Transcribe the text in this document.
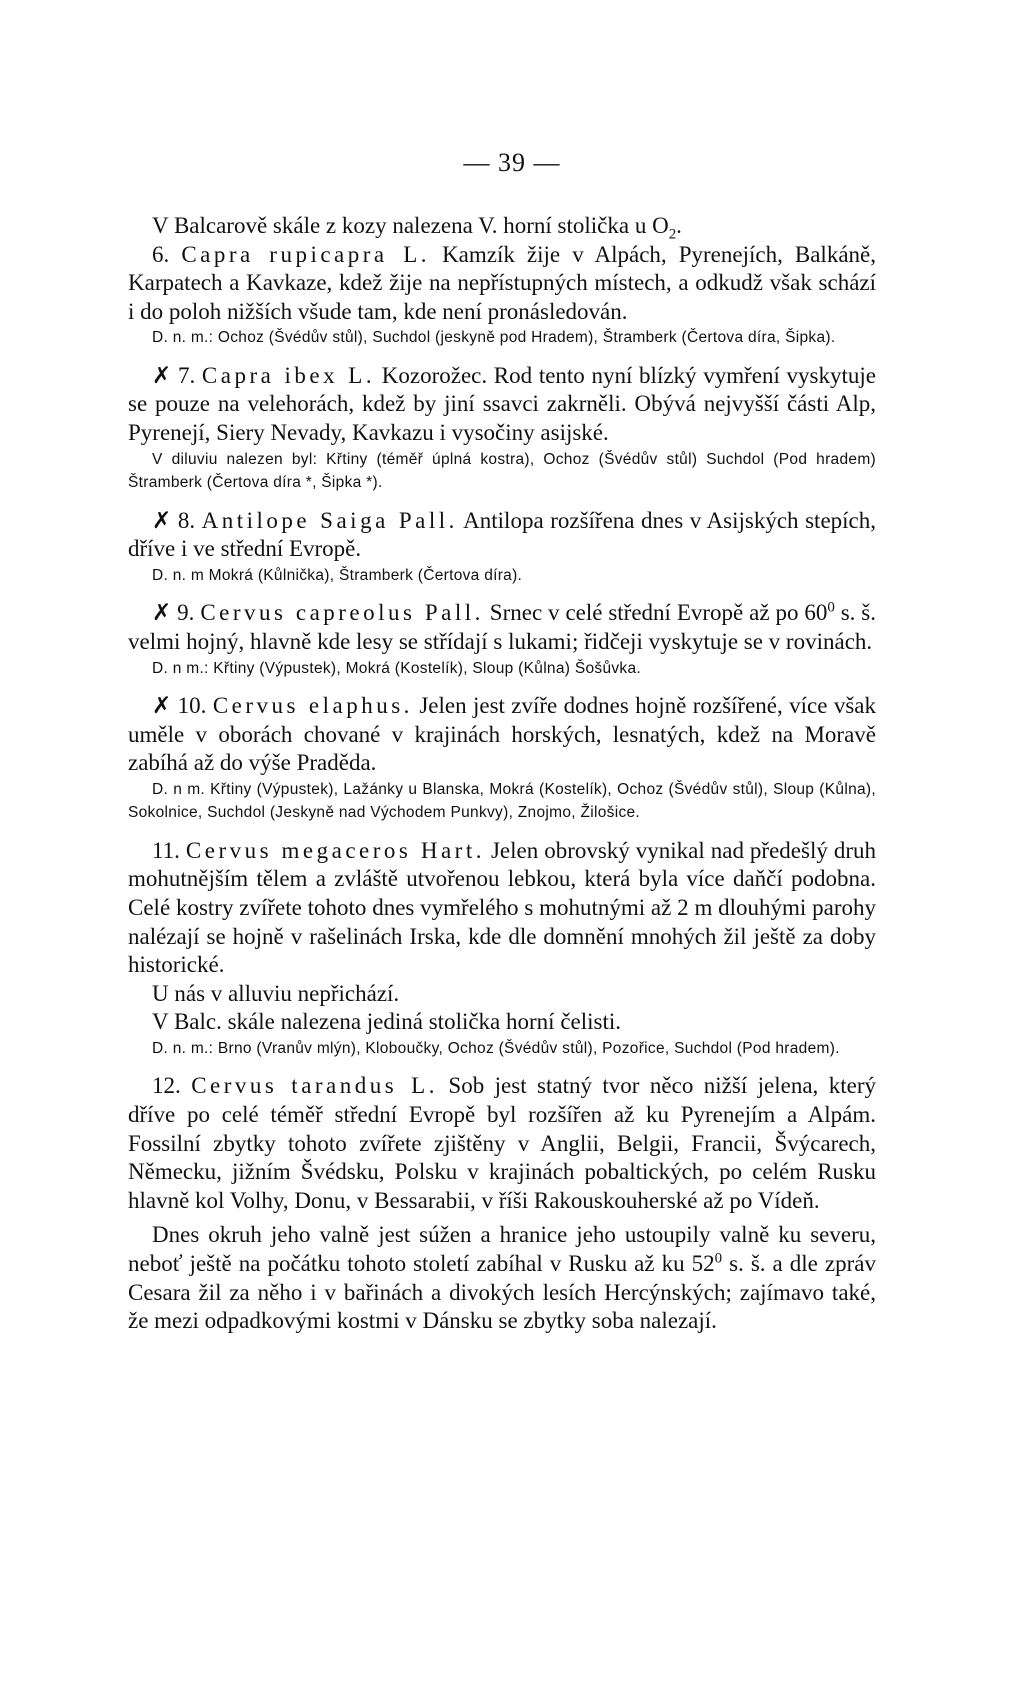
— 39 —

V Balcarově skále z kozy nalezena V. horní stolička u $O_2$.

6. Capra rupicapra L. Kamzík žije v Alpách, Pyrenejích, Balkáně, Karpatech a Kavkaze, kdež žije na nepřístupných místech, a odkudž však schází i do poloh nižších všude tam, kde není pronásledován.

D. n. m.: Ochoz (Švédův stůl), Suchdol (jeskyně pod Hradem), Štramberk (Čertova díra, Šipka).

✗ 7. Capra ibex L. Kozorožec. Rod tento nyní blízký vymření vyskytuje se pouze na velehorách, kdež by jiní ssavci zakrněli. Obývá nejvyšší části Alp, Pyrenejí, Siery Nevady, Kavkazu i vysočiny asijské.

V diluviu nalezen byl: Křtiny (téměř úplná kostra), Ochoz (Švédův stůl) Suchdol (Pod hradem) Štramberk (Čertova díra *, Šipka *).

✗ 8. Antilope Saiga Pall. Antilopa rozšířena dnes v Asijských stepích, dříve i ve střední Evropě.

D. n. m Mokrá (Kůlnička), Štramberk (Čertova díra).

✗ 9. Cervus capreolus Pall. Srnec v celé střední Evropě až po $60^0$ s. š. velmi hojný, hlavně kde lesy se střídají s lukami; řidčeji vyskytuje se v rovinách.

D. n m.: Křtiny (Výpustek), Mokrá (Kostelík), Sloup (Kůlna) Šošůvka.

✗ 10. Cervus elaphus. Jelen jest zvíře dodnes hojně rozšířené, více však uměle v oborách chované v krajinách horských, lesnatých, kdež na Moravě zabíhá až do výše Praděda.

D. n m. Křtiny (Výpustek), Lažánky u Blanska, Mokrá (Kostelík), Ochoz (Švédův stůl), Sloup (Kůlna), Sokolnice, Suchdol (Jeskyně nad Východem Punkvy), Znojmo, Žilošice.

11. Cervus megaceros Hart. Jelen obrovský vynikal nad předešlý druh mohutnějším tělem a zvláště utvořenou lebkou, která byla více daňčí podobna. Celé kostry zvířete tohoto dnes vymřelého s mohutnými až 2 m dlouhými parohy nalézají se hojně v rašelinách Irska, kde dle domnění mnohých žil ještě za doby historické.

U nás v alluviu nepřichází.

V Balc. skále nalezena jediná stolička horní čelisti.

D. n. m.: Brno (Vranův mlýn), Kloboučky, Ochoz (Švédův stůl), Pozořice, Suchdol (Pod hradem).

12. Cervus tarandus L. Sob jest statný tvor něco nižší jelena, který dříve po celé téměř střední Evropě byl rozšířen až ku Pyrenejím a Alpám. Fossilní zbytky tohoto zvířete zjištěny v Anglii, Belgii, Francii, Švýcarech, Německu, jižním Švédsku, Polsku v krajinách pobaltických, po celém Rusku hlavně kol Volhy, Donu, v Bessarabii, v říši Rakouskouherské až po Vídeň.

Dnes okruh jeho valně jest súžen a hranice jeho ustoupily valně ku severu, neboť ještě na počátku tohoto století zabíhal v Rusku až ku $52^0$ s. š. a dle zpráv Cesara žil za něho i v bařinách a divokých lesích Hercýnských; zajímavo také, že mezi odpadkovými kostmi v Dánsku se zbytky soba nalezají.
